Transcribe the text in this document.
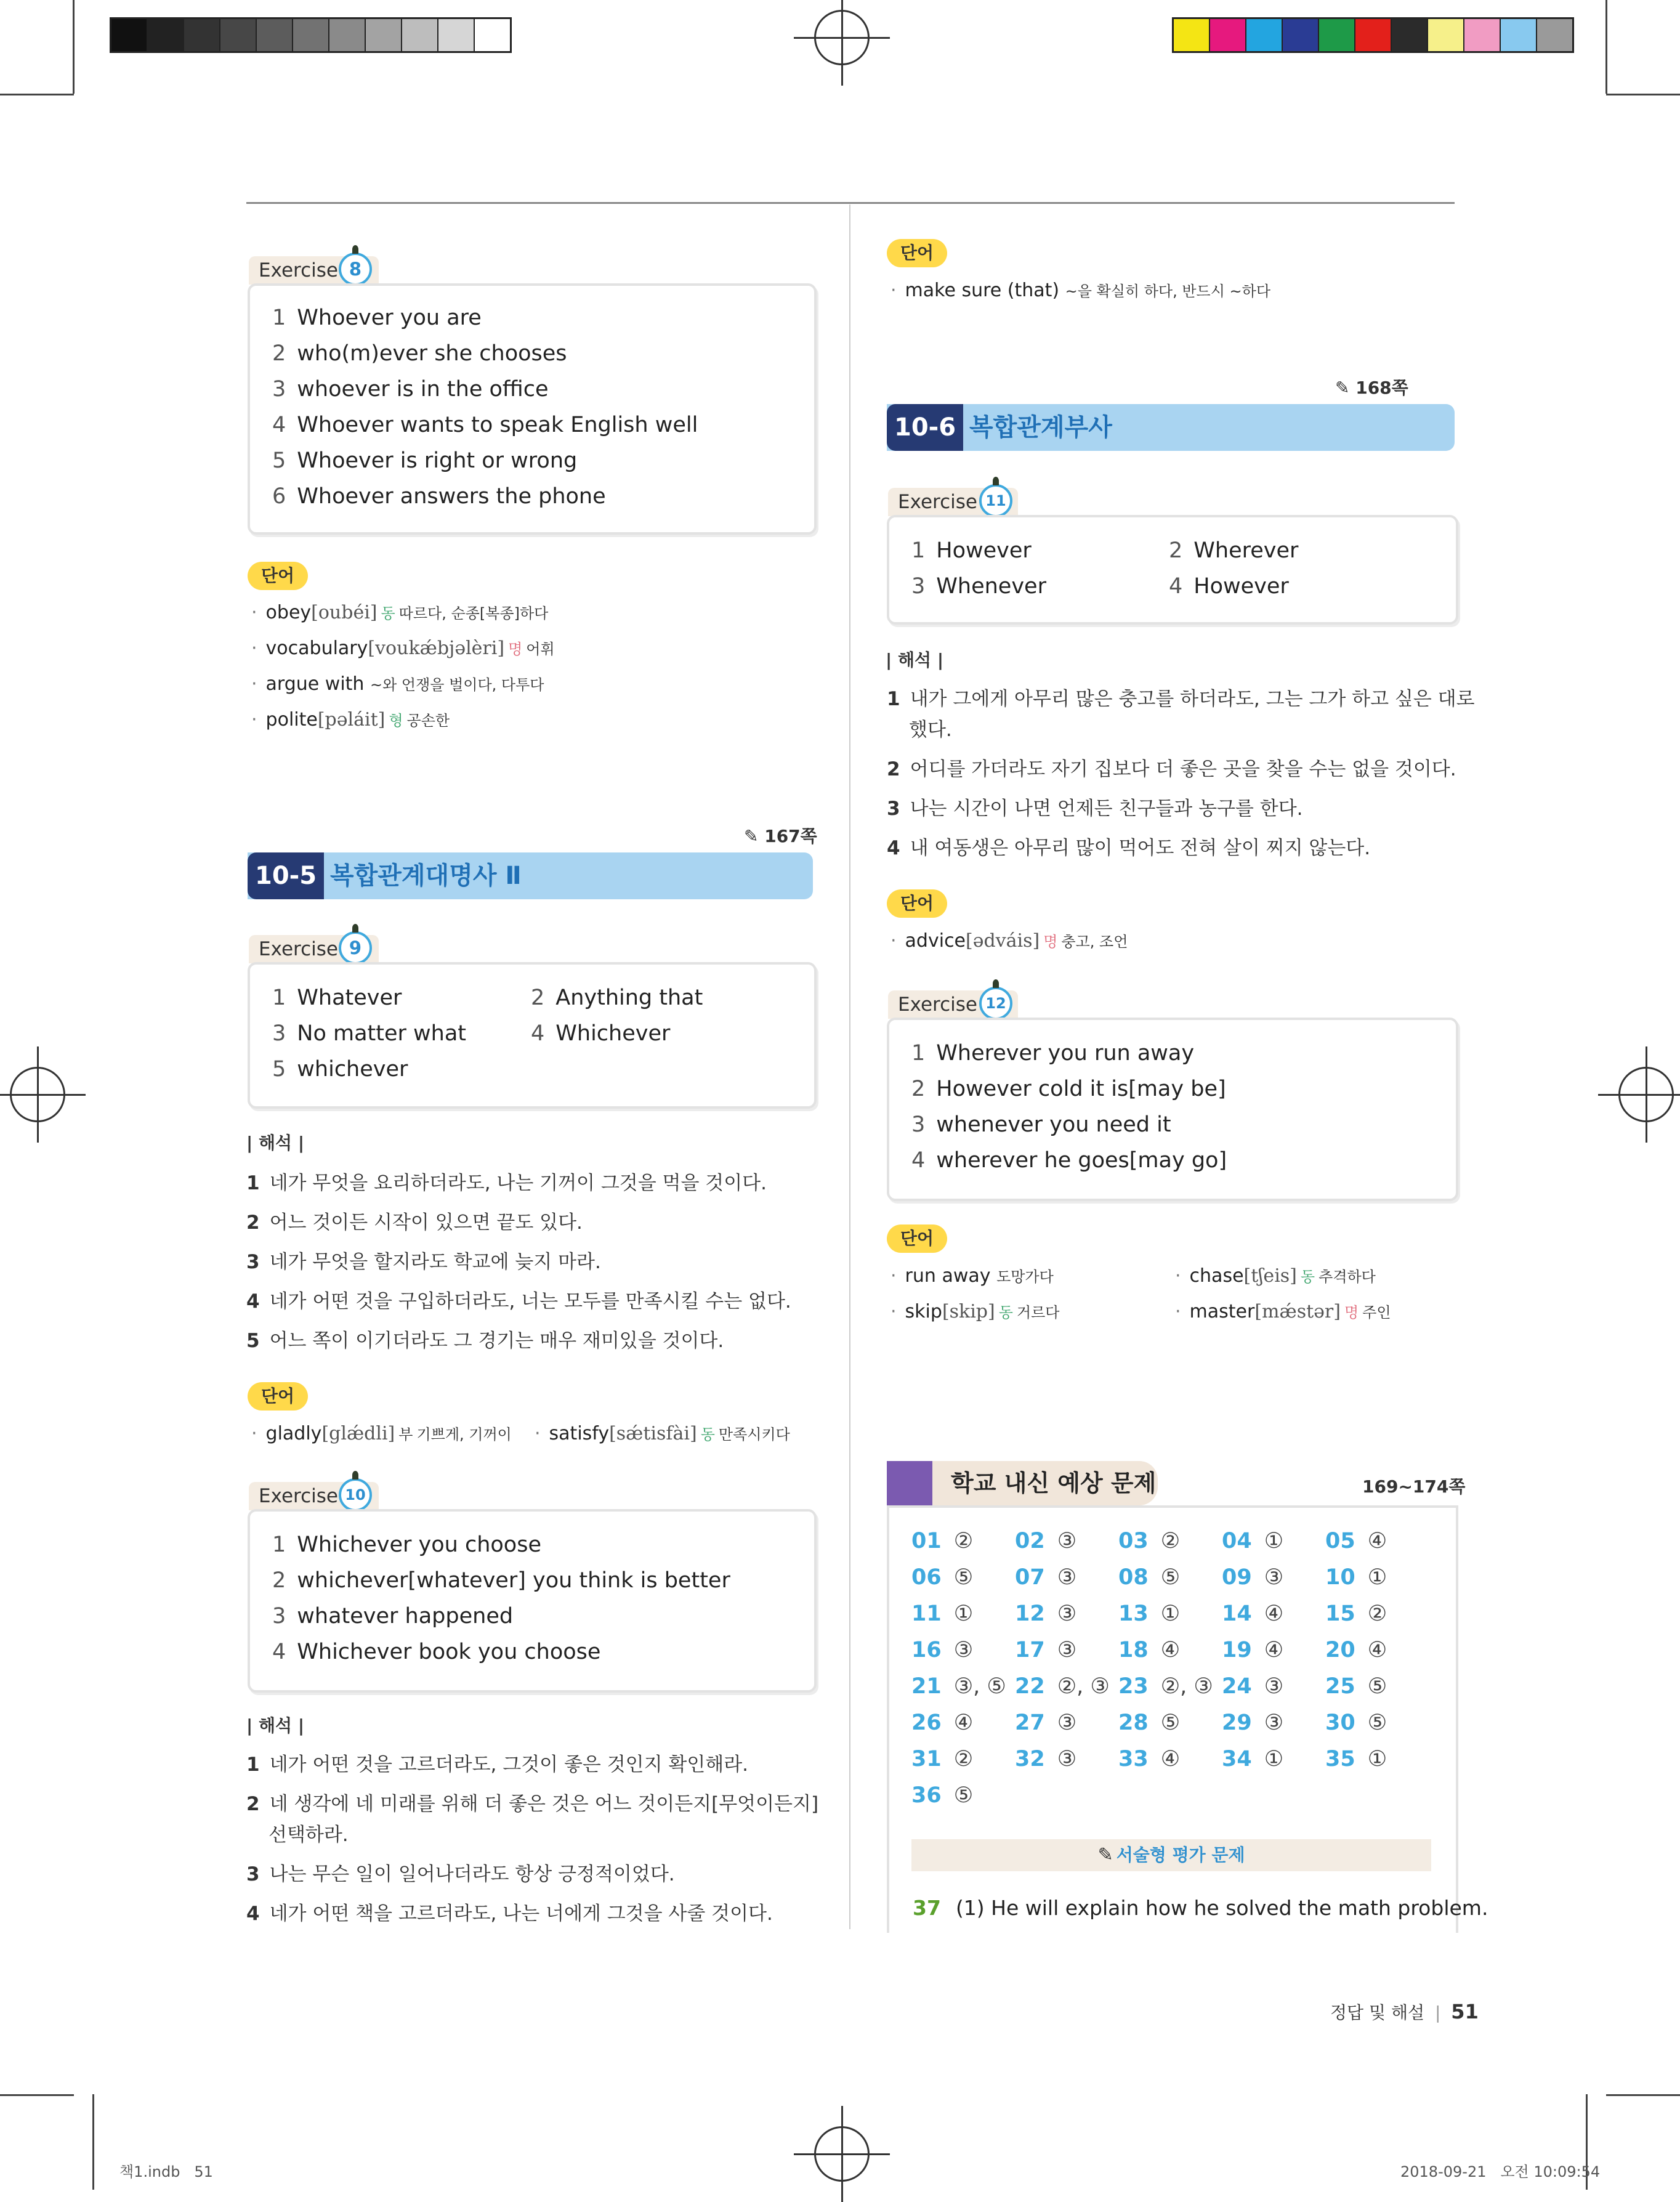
Exercise 8
1 Whoever you are
2 who(m)ever she chooses
3 whoever is in the office
4 Whoever wants to speak English well
5 Whoever is right or wrong
6 Whoever answers the phone
단어
· obey[oubéi] 동 따르다, 순종[복종]하다
· vocabulary[voukǽbjəlèri] 명 어휘
· argue with ~와 언쟁을 벌이다, 다투다
· polite[pəláit] 형 공손한
✎ 167쪽
10-5 복합관계대명사 Ⅱ
Exercise 9
1 Whatever	2 Anything that
3 No matter what	4 Whichever
5 whichever
| 해석 |
1 네가 무엇을 요리하더라도, 나는 기꺼이 그것을 먹을 것이다.
2 어느 것이든 시작이 있으면 끝도 있다.
3 네가 무엇을 할지라도 학교에 늦지 마라.
4 네가 어떤 것을 구입하더라도, 너는 모두를 만족시킬 수는 없다.
5 어느 쪽이 이기더라도 그 경기는 매우 재미있을 것이다.
단어
· gladly[glǽdli] 부 기쁘게, 기꺼이 · satisfy[sǽtisfài] 동 만족시키다
Exercise 10
1 Whichever you choose
2 whichever[whatever] you think is better
3 whatever happened
4 Whichever book you choose
| 해석 |
1 네가 어떤 것을 고르더라도, 그것이 좋은 것인지 확인해라.
2 네 생각에 네 미래를 위해 더 좋은 것은 어느 것이든지[무엇이든지]
선택하라.
3 나는 무슨 일이 일어나더라도 항상 긍정적이었다.
4 네가 어떤 책을 고르더라도, 나는 너에게 그것을 사줄 것이다.
단어
· make sure (that) ~을 확실히 하다, 반드시 ~하다
✎ 168쪽
10-6 복합관계부사
Exercise 11
1 However	2 Wherever
3 Whenever	4 However
| 해석 |
1 내가 그에게 아무리 많은 충고를 하더라도, 그는 그가 하고 싶은 대로
했다.
2 어디를 가더라도 자기 집보다 더 좋은 곳을 찾을 수는 없을 것이다.
3 나는 시간이 나면 언제든 친구들과 농구를 한다.
4 내 여동생은 아무리 많이 먹어도 전혀 살이 찌지 않는다.
단어
· advice[ədváis] 명 충고, 조언
Exercise 12
1 Wherever you run away
2 However cold it is[may be]
3 whenever you need it
4 wherever he goes[may go]
단어
· run away 도망가다	· chase[tʃeis] 동 추격하다
· skip[skip] 동 거르다	· master[mǽstər] 명 주인
학교 내신 예상 문제	169~174쪽
01 ② 02 ③ 03 ② 04 ① 05 ④
06 ⑤ 07 ③ 08 ⑤ 09 ③ 10 ①
11 ① 12 ③ 13 ① 14 ④ 15 ②
16 ③ 17 ③ 18 ④ 19 ④ 20 ④
21 ③, ⑤ 22 ②, ③ 23 ②, ③ 24 ③ 25 ⑤
26 ④ 27 ③ 28 ⑤ 29 ③ 30 ⑤
31 ② 32 ③ 33 ④ 34 ① 35 ①
36 ⑤
✎ 서술형 평가 문제
37 (1) He will explain how he solved the math problem.
정답 및 해설 | 51
책1.indb   51	2018-09-21   오전 10:09:54
